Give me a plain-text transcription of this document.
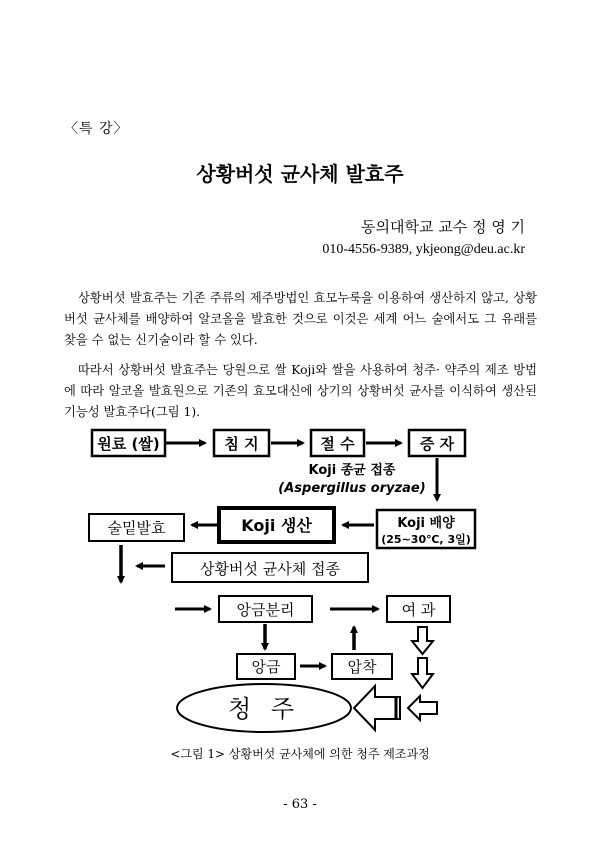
〈특 강〉
상황버섯 균사체 발효주
동의대학교 교수 정 영 기
010-4556-9389, ykjeong@deu.ac.kr

상황버섯 발효주는 기존 주류의 제주방법인 효모누룩을 이용하여 생산하지 않고, 상황버섯 균사체를 배양하여 알코올을 발효한 것으로 이것은 세계 어느 술에서도 그 유래를 찾을 수 없는 신기술이라 할 수 있다.

따라서 상황버섯 발효주는 당원으로 쌀 Koji와 쌀을 사용하여 청주· 약주의 제조 방법에 따라 알코올 발효원으로 기존의 효모대신에 상기의 상황버섯 균사를 이식하여 생산된 기능성 발효주다(그림 1).

원료 (쌀)	침 지	절 수	증 자
Koji 종균 접종
(Aspergillus oryzae)
Koji 배양
(25∼30℃, 3일)
Koji 생산
술밑발효
상황버섯 균사체 접종
앙금분리	여 과
앙금	압착
청 주
<그림 1> 상황버섯 균사체에 의한 청주 제조과정
- 63 -
